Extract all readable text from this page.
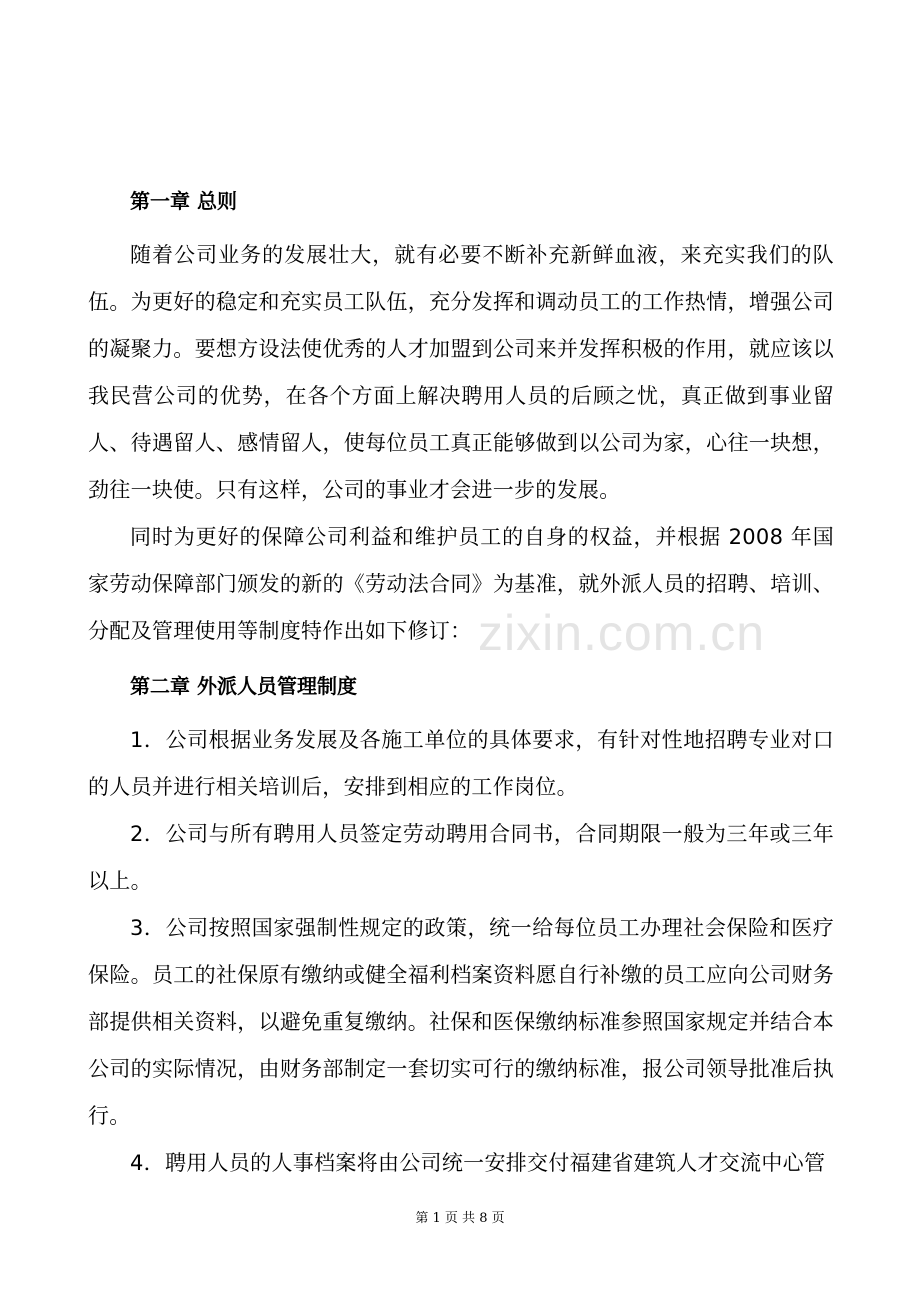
第一章 总则

随着公司业务的发展壮大，就有必要不断补充新鲜血液，来充实我们的队伍。为更好的稳定和充实员工队伍，充分发挥和调动员工的工作热情，增强公司的凝聚力。要想方设法使优秀的人才加盟到公司来并发挥积极的作用，就应该以我民营公司的优势，在各个方面上解决聘用人员的后顾之忧，真正做到事业留人、待遇留人、感情留人，使每位员工真正能够做到以公司为家，心往一块想，劲往一块使。只有这样，公司的事业才会进一步的发展。

同时为更好的保障公司利益和维护员工的自身的权益，并根据 2008 年国家劳动保障部门颁发的新的《劳动法合同》为基准，就外派人员的招聘、培训、分配及管理使用等制度特作出如下修订：

第二章 外派人员管理制度

1．公司根据业务发展及各施工单位的具体要求，有针对性地招聘专业对口的人员并进行相关培训后，安排到相应的工作岗位。

2．公司与所有聘用人员签定劳动聘用合同书，合同期限一般为三年或三年以上。

3．公司按照国家强制性规定的政策，统一给每位员工办理社会保险和医疗保险。员工的社保原有缴纳或健全福利档案资料愿自行补缴的员工应向公司财务部提供相关资料，以避免重复缴纳。社保和医保缴纳标准参照国家规定并结合本公司的实际情况，由财务部制定一套切实可行的缴纳标准，报公司领导批准后执行。

4．聘用人员的人事档案将由公司统一安排交付福建省建筑人才交流中心管

zixin.com.cn
第 1 页 共 8 页
